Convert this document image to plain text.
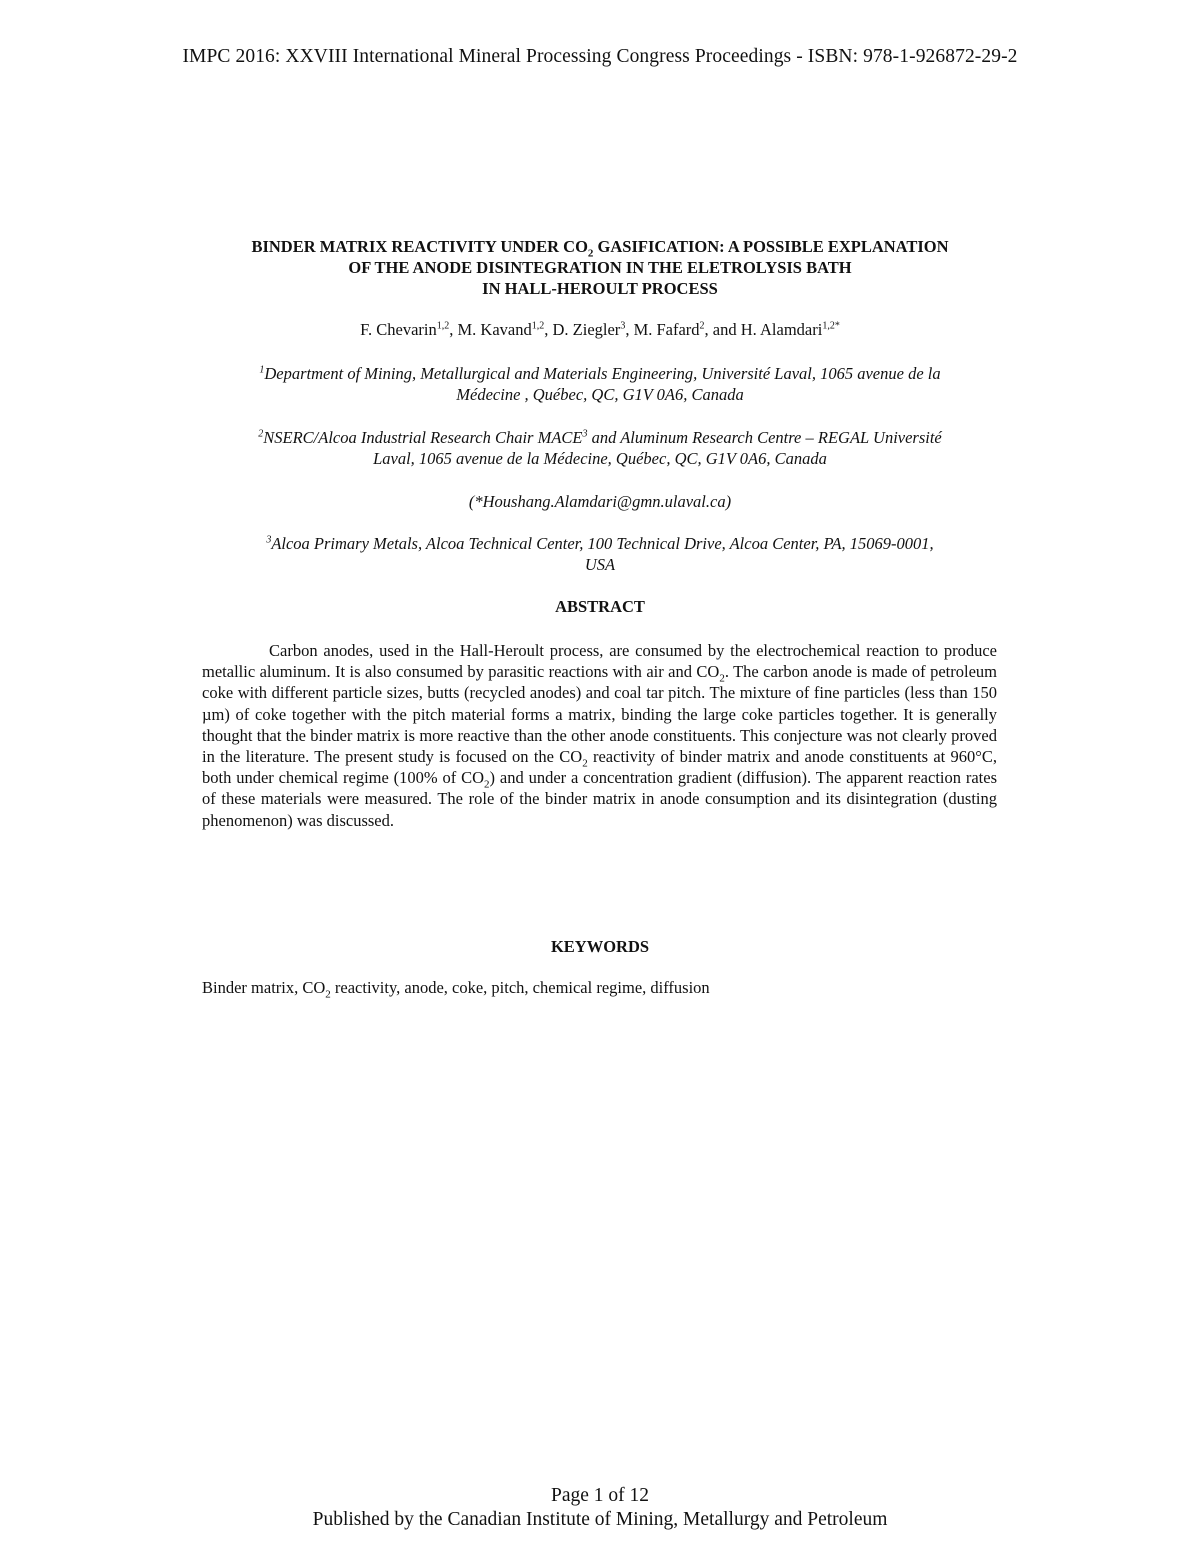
IMPC 2016: XXVIII International Mineral Processing Congress Proceedings - ISBN: 978-1-926872-29-2
BINDER MATRIX REACTIVITY UNDER $CO_2$ GASIFICATION: A POSSIBLE EXPLANATION
OF THE ANODE DISINTEGRATION IN THE ELETROLYSIS BATH
IN HALL-HEROULT PROCESS
F. Chevarin$^{1,2}$, M. Kavand$^{1,2}$, D. Ziegler$^3$, M. Fafard$^2$, and H. Alamdari$^{1,2*}$
$^1$Department of Mining, Metallurgical and Materials Engineering, Université Laval, 1065 avenue de la
Médecine , Québec, QC, G1V 0A6, Canada
$^2$NSERC/Alcoa Industrial Research Chair MACE$^3$ and Aluminum Research Centre – REGAL Université
Laval, 1065 avenue de la Médecine, Québec, QC, G1V 0A6, Canada
(*Houshang.Alamdari@gmn.ulaval.ca)
$^3$Alcoa Primary Metals, Alcoa Technical Center, 100 Technical Drive, Alcoa Center, PA, 15069-0001,
USA
ABSTRACT
Carbon anodes, used in the Hall-Heroult process, are consumed by the electrochemical reaction to produce metallic aluminum. It is also consumed by parasitic reactions with air and $CO_2$. The carbon anode is made of petroleum coke with different particle sizes, butts (recycled anodes) and coal tar pitch. The mixture of fine particles (less than 150 µm) of coke together with the pitch material forms a matrix, binding the large coke particles together. It is generally thought that the binder matrix is more reactive than the other anode constituents. This conjecture was not clearly proved in the literature. The present study is focused on the $CO_2$ reactivity of binder matrix and anode constituents at 960°C, both under chemical regime (100% of $CO_2$) and under a concentration gradient (diffusion). The apparent reaction rates of these materials were measured. The role of the binder matrix in anode consumption and its disintegration (dusting phenomenon) was discussed.
KEYWORDS
Binder matrix, $CO_2$ reactivity, anode, coke, pitch, chemical regime, diffusion
Page 1 of 12
Published by the Canadian Institute of Mining, Metallurgy and Petroleum
